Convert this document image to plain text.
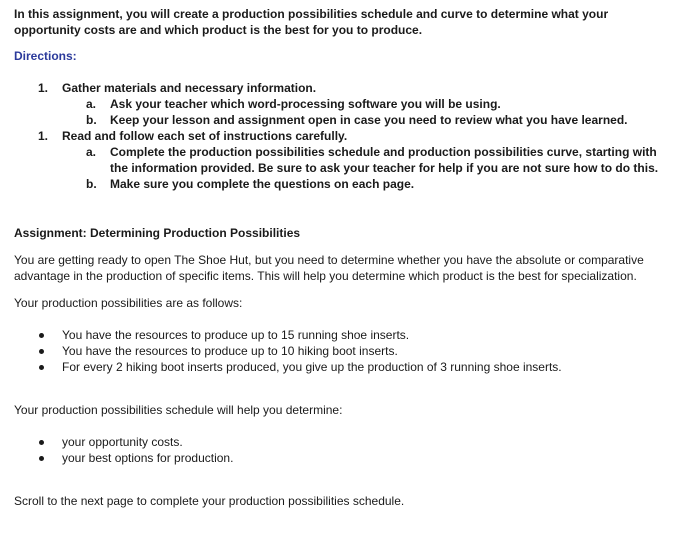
In this assignment, you will create a production possibilities schedule and curve to determine what your opportunity costs are and which product is the best for you to produce.

Directions:

1. Gather materials and necessary information.
a. Ask your teacher which word-processing software you will be using.
b. Keep your lesson and assignment open in case you need to review what you have learned.
1. Read and follow each set of instructions carefully.
a. Complete the production possibilities schedule and production possibilities curve, starting with the information provided. Be sure to ask your teacher for help if you are not sure how to do this.
b. Make sure you complete the questions on each page.

Assignment: Determining Production Possibilities

You are getting ready to open The Shoe Hut, but you need to determine whether you have the absolute or comparative advantage in the production of specific items. This will help you determine which product is the best for specialization.

Your production possibilities are as follows:

You have the resources to produce up to 15 running shoe inserts.
You have the resources to produce up to 10 hiking boot inserts.
For every 2 hiking boot inserts produced, you give up the production of 3 running shoe inserts.

Your production possibilities schedule will help you determine:

your opportunity costs.
your best options for production.

Scroll to the next page to complete your production possibilities schedule.
